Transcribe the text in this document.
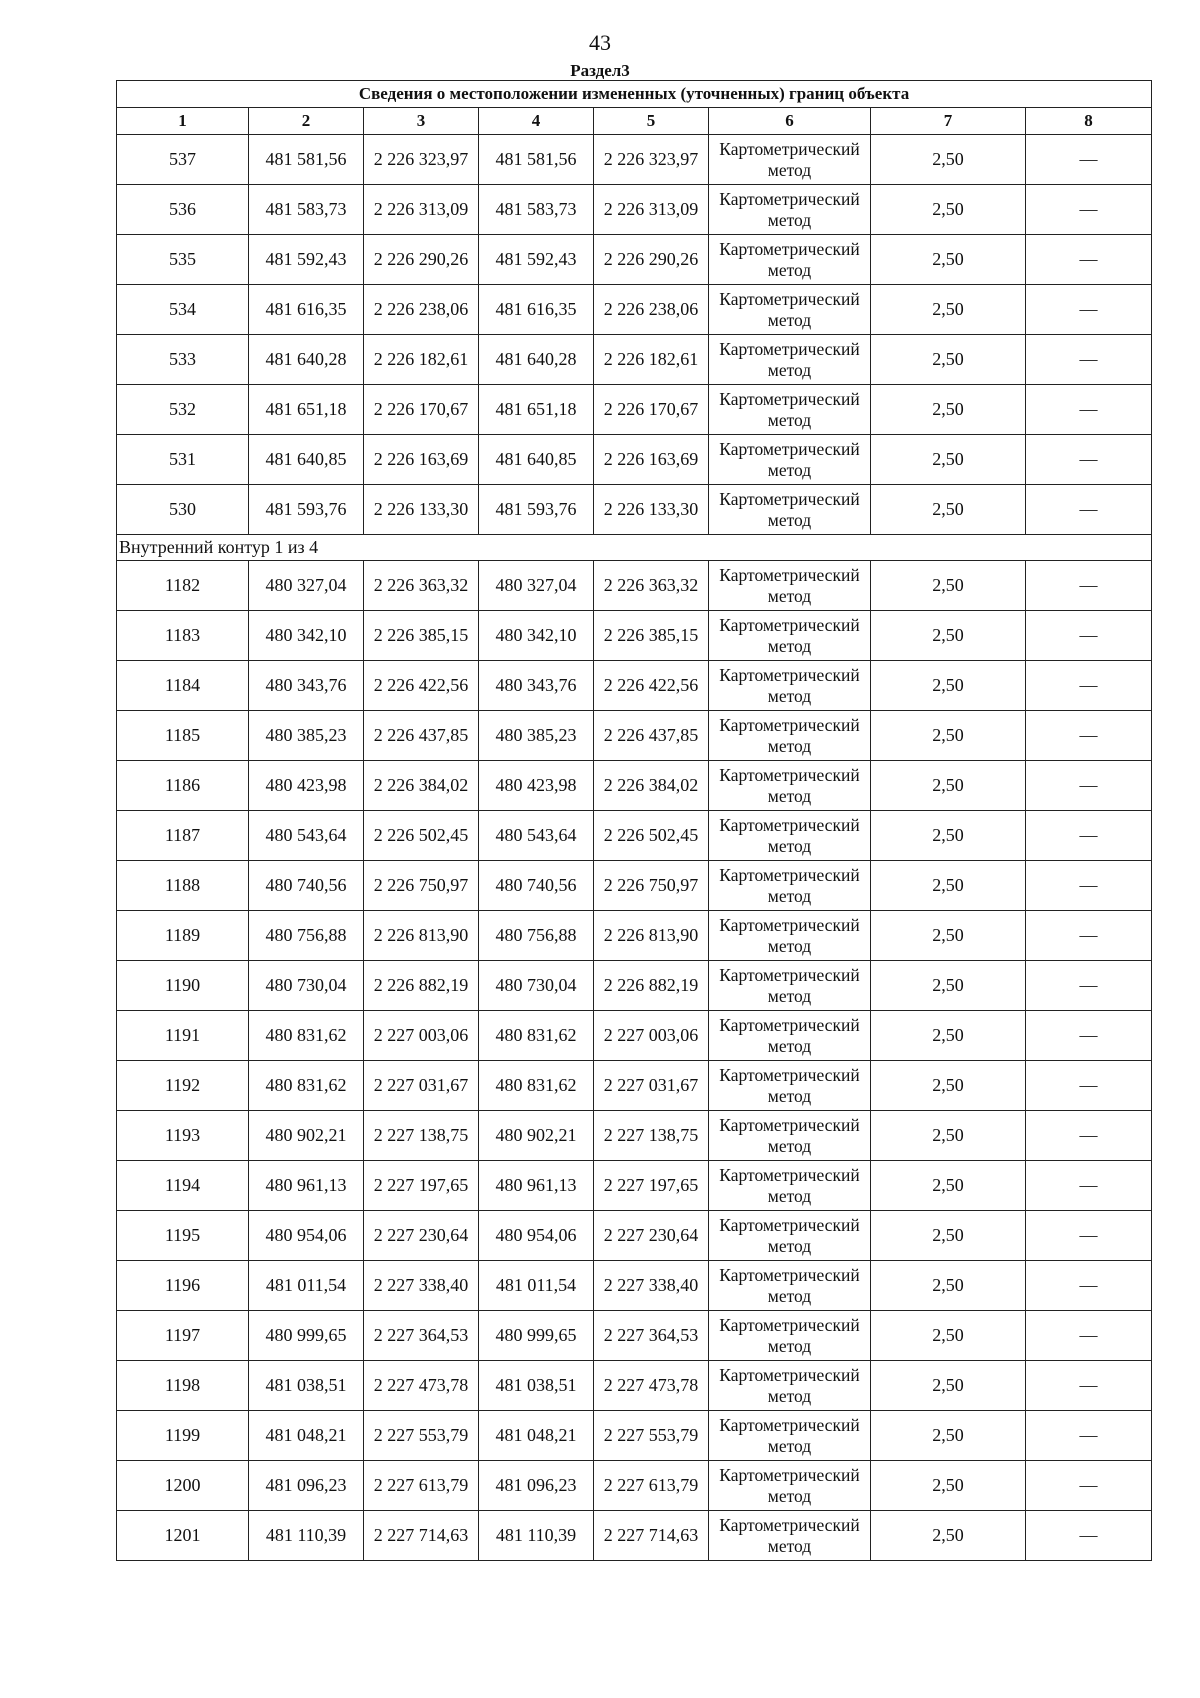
43
Раздел3
Сведения о местоположении измененных (уточненных) границ объекта							
1	2	3	4	5	6	7	8
537	481 581,56	2 226 323,97	481 581,56	2 226 323,97	Картометрический метод	2,50	—
536	481 583,73	2 226 313,09	481 583,73	2 226 313,09	Картометрический метод	2,50	—
535	481 592,43	2 226 290,26	481 592,43	2 226 290,26	Картометрический метод	2,50	—
534	481 616,35	2 226 238,06	481 616,35	2 226 238,06	Картометрический метод	2,50	—
533	481 640,28	2 226 182,61	481 640,28	2 226 182,61	Картометрический метод	2,50	—
532	481 651,18	2 226 170,67	481 651,18	2 226 170,67	Картометрический метод	2,50	—
531	481 640,85	2 226 163,69	481 640,85	2 226 163,69	Картометрический метод	2,50	—
530	481 593,76	2 226 133,30	481 593,76	2 226 133,30	Картометрический метод	2,50	—
Внутренний контур 1 из 4							
1182	480 327,04	2 226 363,32	480 327,04	2 226 363,32	Картометрический метод	2,50	—
1183	480 342,10	2 226 385,15	480 342,10	2 226 385,15	Картометрический метод	2,50	—
1184	480 343,76	2 226 422,56	480 343,76	2 226 422,56	Картометрический метод	2,50	—
1185	480 385,23	2 226 437,85	480 385,23	2 226 437,85	Картометрический метод	2,50	—
1186	480 423,98	2 226 384,02	480 423,98	2 226 384,02	Картометрический метод	2,50	—
1187	480 543,64	2 226 502,45	480 543,64	2 226 502,45	Картометрический метод	2,50	—
1188	480 740,56	2 226 750,97	480 740,56	2 226 750,97	Картометрический метод	2,50	—
1189	480 756,88	2 226 813,90	480 756,88	2 226 813,90	Картометрический метод	2,50	—
1190	480 730,04	2 226 882,19	480 730,04	2 226 882,19	Картометрический метод	2,50	—
1191	480 831,62	2 227 003,06	480 831,62	2 227 003,06	Картометрический метод	2,50	—
1192	480 831,62	2 227 031,67	480 831,62	2 227 031,67	Картометрический метод	2,50	—
1193	480 902,21	2 227 138,75	480 902,21	2 227 138,75	Картометрический метод	2,50	—
1194	480 961,13	2 227 197,65	480 961,13	2 227 197,65	Картометрический метод	2,50	—
1195	480 954,06	2 227 230,64	480 954,06	2 227 230,64	Картометрический метод	2,50	—
1196	481 011,54	2 227 338,40	481 011,54	2 227 338,40	Картометрический метод	2,50	—
1197	480 999,65	2 227 364,53	480 999,65	2 227 364,53	Картометрический метод	2,50	—
1198	481 038,51	2 227 473,78	481 038,51	2 227 473,78	Картометрический метод	2,50	—
1199	481 048,21	2 227 553,79	481 048,21	2 227 553,79	Картометрический метод	2,50	—
1200	481 096,23	2 227 613,79	481 096,23	2 227 613,79	Картометрический метод	2,50	—
1201	481 110,39	2 227 714,63	481 110,39	2 227 714,63	Картометрический метод	2,50	—
